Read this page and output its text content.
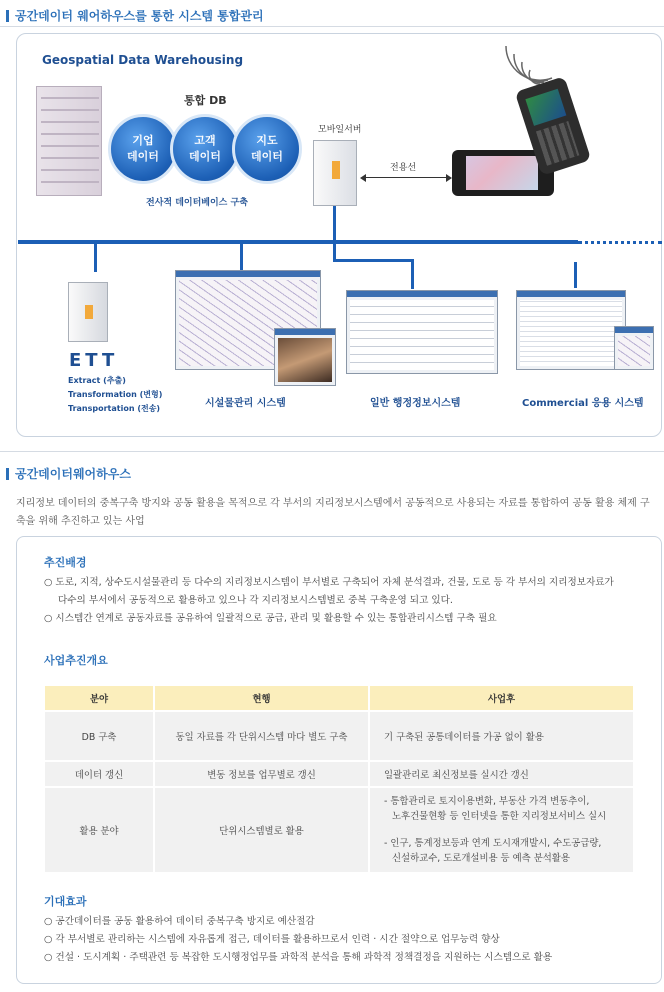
공간데이터 웨어하우스를 통한 시스템 통합관리
Geospatial Data Warehousing
통합 DB
기업
데이터
고객
데이터
지도
데이터
전사적 데이터베이스 구축
모바일서버
전용선
ETT
Extract (추출)
Transformation (변형)
Transportation (전송)	시설물관리 시스템	일반 행정정보시스템	Commercial 응용 시스템
공간데이터웨어하우스
지리정보 데이터의 중복구축 방지와 공동 활용을 목적으로 각 부서의 지리정보시스템에서 공동적으로 사용되는 자료를 통합하여 공동 활용 체제 구축을 위해 추진하고 있는 사업
추진배경
○ 도로, 지적, 상수도시설물관리 등 다수의 지리정보시스템이 부서별로 구축되어 자체 분석결과, 건물, 도로 등 각 부서의 지리정보자료가
다수의 부서에서 공동적으로 활용하고 있으나 각 지리정보시스템별로 중복 구축운영 되고 있다.
○ 시스템간 연계로 공동자료를 공유하여 일괄적으로 공급, 관리 및 활용할 수 있는 통합관리시스템 구축 필요
사업추진개요
분야	현행	사업후
DB 구축	동일 자료를 각 단위시스템 마다 별도 구축	기 구축된 공통데이터를 가공 없이 활용
데이터 갱신	변동 정보를 업무별로 갱신	일괄관리로 최신정보를 실시간 갱신
활용 분야	단위시스템별로 활용	- 통합관리로 토지이용변화, 부동산 가격 변동추이,
노후건물현황 등 인터넷을 통한 지리정보서비스 실시
- 인구, 통계정보등과 연계 도시재개발시, 수도공급량,
신설하교수, 도로개설비용 등 예측 분석활용
기대효과
○ 공간데이터를 공동 활용하여 데이터 중복구축 방지로 예산절감
○ 각 부서별로 관리하는 시스템에 자유롭게 접근, 데이터를 활용하므로서 인력 · 시간 절약으로 업무능력 향상
○ 건설 · 도시계획 · 주택관련 등 복잡한 도시행정업무를 과학적 분석을 통해 과학적 정책결정을 지원하는 시스템으로 활용
